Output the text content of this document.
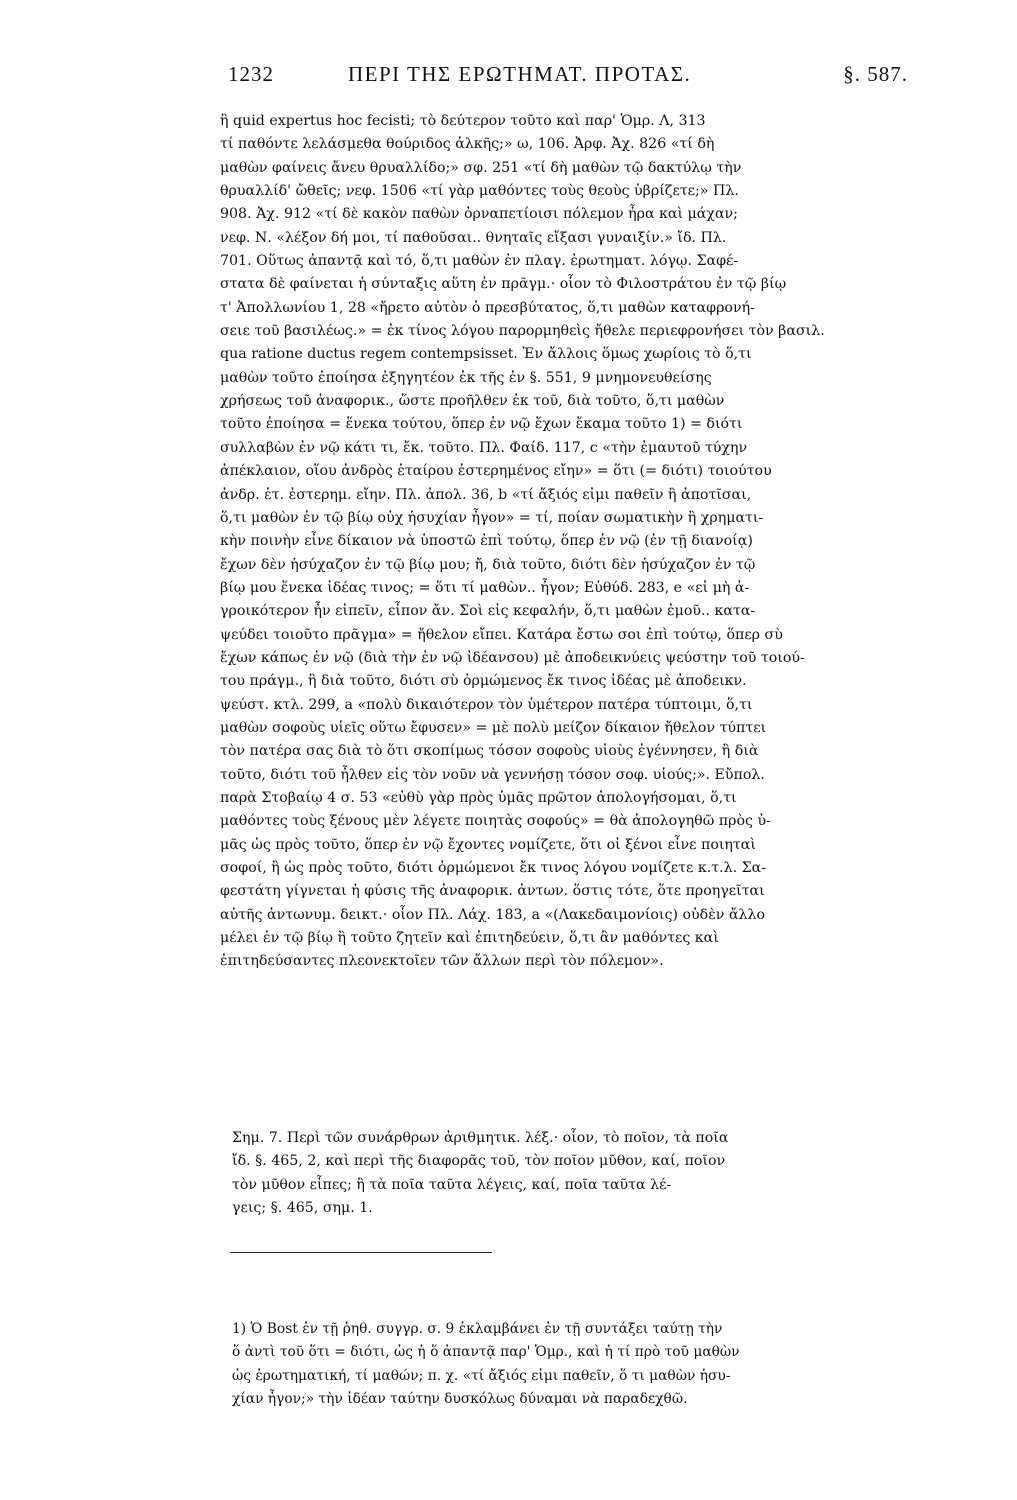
1232	ΠΕΡΙ ΤΗΣ ΕΡΩΤΗΜΑΤ. ΠΡΟΤΑΣ.	§. 587.
ἢ quid expertus hoc fecisti; τὸ δεύτερον τοῦτο καὶ παρ' Ὁμρ. Λ, 313
τί παθόντε λελάσμεθα θούριδος ἀλκῆς;» ω, 106. Ἀρφ. Ἀχ. 826 «τί δὴ
μαθὼν φαίνεις ἄνευ θρυαλλίδο;» σφ. 251 «τί δὴ μαθὼν τῷ δακτύλῳ τὴν
θρυαλλίδ' ὤθεῖς; νεφ. 1506 «τί γὰρ μαθόντες τοὺς θεοὺς ὑβρίζετε;» Πλ.
908. Ἀχ. 912 «τί δὲ κακὸν παθὼν ὀρναπετίοισι πόλεμον ἦρα καὶ μάχαν;
νεφ. Ν. «λέξον δή μοι, τί παθοῦσαι.. θνηταῖς εἴξασι γυναιξίν.» ἴδ. Πλ.
701. Οὕτως ἀπαντᾷ καὶ τό, ὅ,τι μαθὼν ἐν πλαγ. ἐρωτηματ. λόγῳ. Σαφέ-
στατα δὲ φαίνεται ἡ σύνταξις αὕτη ἐν πρᾶγμ.· οἷον τὸ Φιλοστράτου ἐν τῷ βίῳ
τ' Ἀπολλωνίου 1, 28 «ἤρετο αὐτὸν ὁ πρεσβύτατος, ὅ,τι μαθὼν καταφρονή-
σειε τοῦ βασιλέως.» = ἐκ τίνος λόγου παρορμηθεὶς ἤθελε περιεφρονήσει τὸν βασιλ.
qua ratione ductus regem contempsisset. Ἐν ἄλλοις ὅμως χωρίοις τὸ ὅ,τι
μαθὼν τοῦτο ἐποίησα ἐξηγητέον ἐκ τῆς ἐν §. 551, 9 μνημονευθείσης
χρήσεως τοῦ ἀναφορικ., ὥστε προῆλθεν ἐκ τοῦ, διὰ τοῦτο, ὅ,τι μαθὼν
τοῦτο ἐποίησα = ἕνεκα τούτου, ὅπερ ἐν νῷ ἔχων ἔκαμα τοῦτο 1) = διότι
συλλαβὼν ἐν νῷ κάτι τι, ἔκ. τοῦτο. Πλ. Φαίδ. 117, c «τὴν ἐμαυτοῦ τύχην
ἀπέκλαιον, οἵου ἀνδρὸς ἑταίρου ἐστερημένος εἴην» = ὅτι (= διότι) τοιούτου
ἀνδρ. ἑτ. ἐστερημ. εἴην. Πλ. ἀπολ. 36, b «τί ἄξιός εἰμι παθεῖν ἢ ἀποτῖσαι,
ὅ,τι μαθὼν ἐν τῷ βίῳ οὐχ ἡσυχίαν ἦγον» = τί, ποίαν σωματικὴν ἢ χρηματι-
κὴν ποινὴν εἶνε δίκαιον νὰ ὑποστῶ ἐπὶ τούτῳ, ὅπερ ἐν νῷ (ἐν τῇ διανοίᾳ)
ἔχων δὲν ἡσύχαζον ἐν τῷ βίῳ μου; ἤ, διὰ τοῦτο, διότι δὲν ἡσύχαζον ἐν τῷ
βίῳ μου ἕνεκα ἰδέας τινος; = ὅτι τί μαθὼν.. ἦγον; Εὐθύδ. 283, e «εἰ μὴ ἀ-
γροικότερον ἦν εἰπεῖν, εἶπον ἄν. Σοὶ εἰς κεφαλήν, ὅ,τι μαθὼν ἐμοῦ.. κατα-
ψεύδει τοιοῦτο πρᾶγμα» = ἤθελον εἴπει. Κατάρα ἔστω σοι ἐπὶ τούτῳ, ὅπερ σὺ
ἔχων κάπως ἐν νῷ (διὰ τὴν ἐν νῷ ἰδέανσου) μὲ ἀποδεικνύεις ψεύστην τοῦ τοιού-
του πράγμ., ἢ διὰ τοῦτο, διότι σὺ ὁρμώμενος ἔκ τινος ἰδέας μὲ ἀποδεικν.
ψεύστ. κτλ. 299, a «πολὺ δικαιότερον τὸν ὑμέτερον πατέρα τύπτοιμι, ὅ,τι
μαθὼν σοφοὺς υἱεῖς οὕτω ἔφυσεν» = μὲ πολὺ μείζον δίκαιον ἤθελον τύπτει
τὸν πατέρα σας διὰ τὸ ὅτι σκοπίμως τόσον σοφοὺς υἱοὺς ἐγέννησεν, ἢ διὰ
τοῦτο, διότι τοῦ ἦλθεν εἰς τὸν νοῦν νὰ γεννήσῃ τόσον σοφ. υἱούς;». Εὔπολ.
παρὰ Στοβαίῳ 4 σ. 53 «εὐθὺ γὰρ πρὸς ὑμᾶς πρῶτον ἀπολογήσομαι, ὅ,τι
μαθόντες τοὺς ξένους μὲν λέγετε ποιητὰς σοφούς» = θὰ ἀπολογηθῶ πρὸς ὑ-
μᾶς ὡς πρὸς τοῦτο, ὅπερ ἐν νῷ ἔχοντες νομίζετε, ὅτι οἱ ξένοι εἶνε ποιηταὶ
σοφοί, ἢ ὡς πρὸς τοῦτο, διότι ὁρμώμενοι ἔκ τινος λόγου νομίζετε κ.τ.λ. Σα-
φεστάτη γίγνεται ἡ φύσις τῆς ἀναφορικ. ἀντων. ὅστις τότε, ὅτε προηγεῖται
αὐτῆς ἀντωνυμ. δεικτ.· οἷον Πλ. Λάχ. 183, a «(Λακεδαιμονίοις) οὐδὲν ἄλλο
μέλει ἐν τῷ βίῳ ἢ τοῦτο ζητεῖν καὶ ἐπιτηδεύειν, ὅ,τι ἂν μαθόντες καὶ
ἐπιτηδεύσαντες πλεονεκτοῖεν τῶν ἄλλων περὶ τὸν πόλεμον».
Σημ. 7. Περὶ τῶν συνάρθρων ἀριθμητικ. λέξ.· οἷον, τὸ ποῖον, τὰ ποῖα
ἴδ. §. 465, 2, καὶ περὶ τῆς διαφορᾶς τοῦ, τὸν ποῖον μῦθον, καί, ποῖον
τὸν μῦθον εἶπες; ἢ τὰ ποῖα ταῦτα λέγεις, καί, ποῖα ταῦτα λέ-
γεις; §. 465, σημ. 1.
1) Ὁ Bost ἐν τῇ ῥηθ. συγγρ. σ. 9 ἐκλαμβάνει ἐν τῇ συντάξει ταύτῃ τὴν
ὅ ἀντὶ τοῦ ὅτι = διότι, ὡς ἡ ὅ ἀπαντᾷ παρ' Ὁμρ., καὶ ἡ τί πρὸ τοῦ μαθὼν
ὡς ἐρωτηματική, τί μαθών; π. χ. «τί ἄξιός εἰμι παθεῖν, ὅ τι μαθὼν ἡσυ-
χίαν ἦγον;» τὴν ἰδέαν ταύτην δυσκόλως δύναμαι νὰ παραδεχθῶ.
